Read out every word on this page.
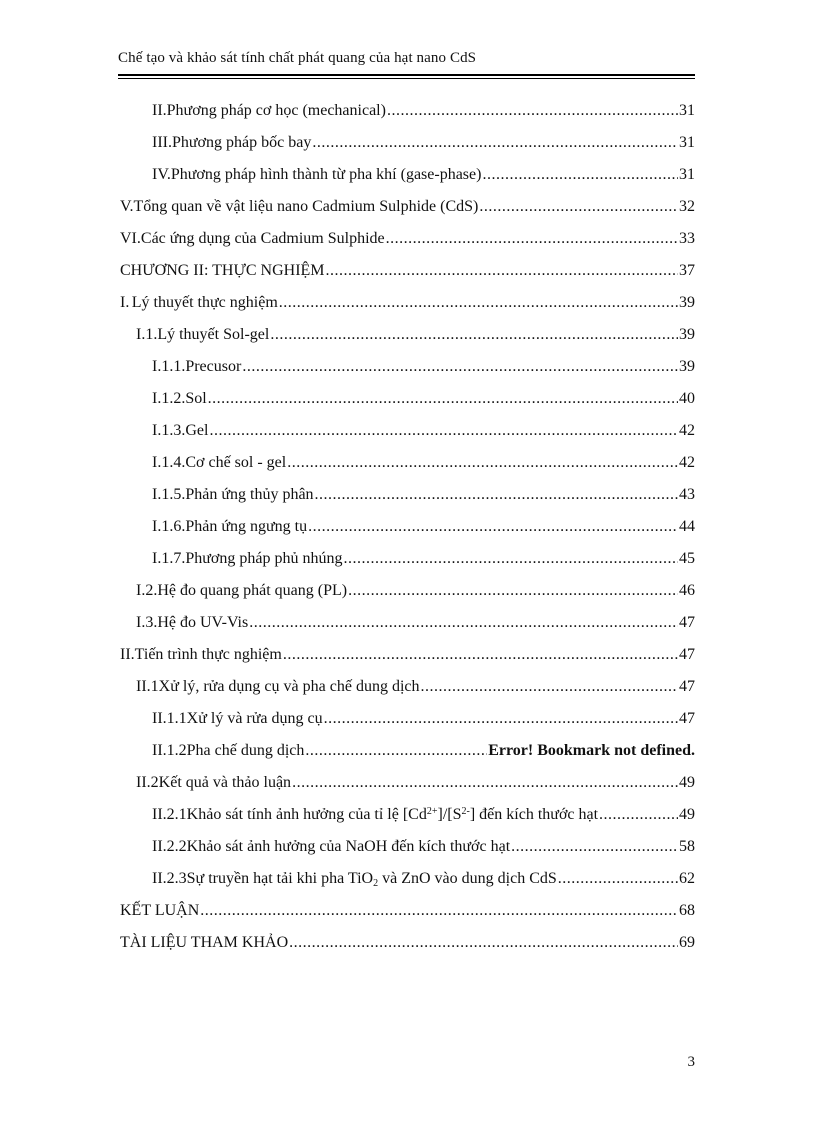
Chế tạo và khảo sát tính chất phát quang của hạt nano CdS
II. Phương pháp cơ học (mechanical) .....	31
III. Phương pháp bốc bay .....	31
IV. Phương pháp hình thành từ pha khí (gase-phase) .....	31
V. Tổng quan về vật liệu nano Cadmium Sulphide (CdS) .....	32
VI. Các ứng dụng của Cadmium Sulphide .....	33
CHƯƠNG II: THỰC NGHIỆM .....	37
I. Lý thuyết thực nghiệm .....	39
I.1. Lý thuyết Sol-gel .....	39
I.1.1. Precusor .....	39
I.1.2. Sol .....	40
I.1.3. Gel .....	42
I.1.4. Cơ chế sol - gel .....	42
I.1.5. Phản ứng thủy phân .....	43
I.1.6. Phản ứng ngưng tụ .....	44
I.1.7. Phương pháp phủ nhúng .....	45
I.2. Hệ đo quang phát quang (PL) .....	46
I.3. Hệ đo UV-Vis .....	47
II. Tiến trình thực nghiệm .....	47
II.1 Xử lý, rửa dụng cụ và pha chế dung dịch .....	47
II.1.1 Xử lý và rửa dụng cụ .....	47
II.1.2 Pha chế dung dịch .....	Error! Bookmark not defined.
II.2 Kết quả và thảo luận .....	49
II.2.1 Khảo sát tính ảnh hưởng của tỉ lệ $[Cd^{2+}]/[S^{2-}]$ đến kích thước hạt .....	49
II.2.2 Khảo sát ảnh hưởng của NaOH đến kích thước hạt .....	58
II.2.3 Sự truyền hạt tải khi pha TiO$_2$ và ZnO vào dung dịch CdS .....	62
KẾT LUẬN .....	68
TÀI LIỆU THAM KHẢO .....	69
3
